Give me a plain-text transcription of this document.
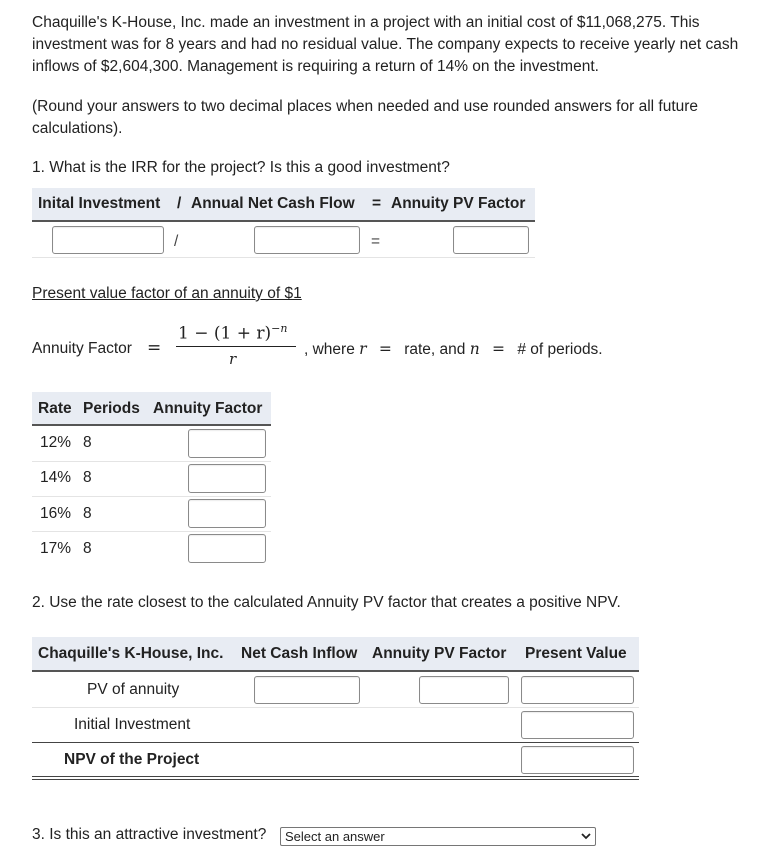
Chaquille's K-House, Inc. made an investment in a project with an initial cost of $11,068,275. This investment was for 8 years and had no residual value. The company expects to receive yearly net cash inflows of $2,604,300. Management is requiring a return of 14% on the investment.
(Round your answers to two decimal places when needed and use rounded answers for all future calculations).
1. What is the IRR for the project? Is this a good investment?
Inital Investment / Annual Net Cash Flow = Annuity PV Factor
/	=
Present value factor of an annuity of $1
Annuity Factor =
$1 - (1 + r)^{-n}$
r
, where r = rate, and n = # of periods.
Rate Periods Annuity Factor
12% 8
14% 8
16% 8
17% 8
2. Use the rate closest to the calculated Annuity PV factor that creates a positive NPV.
Chaquille's K-House, Inc. Net Cash Inflow Annuity PV Factor Present Value
PV of annuity
Initial Investment
NPV of the Project
3. Is this an attractive investment? Select an answer
